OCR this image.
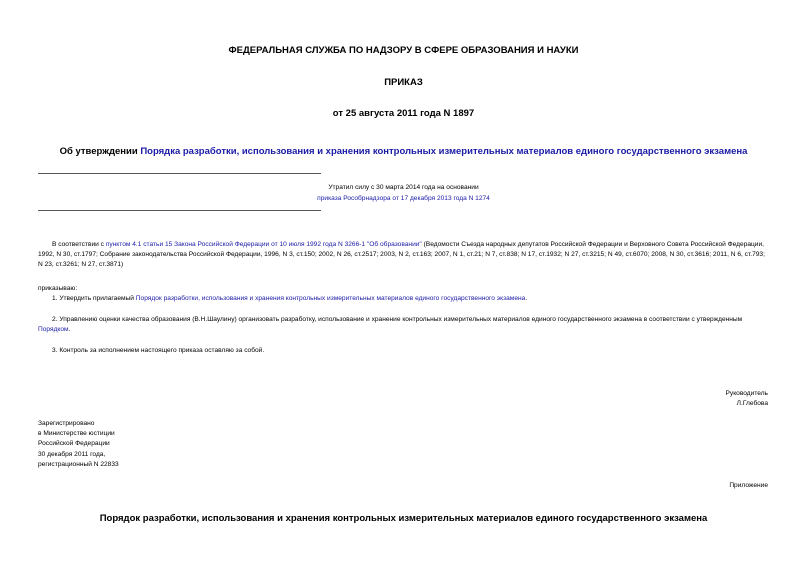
ФЕДЕРАЛЬНАЯ СЛУЖБА ПО НАДЗОРУ В СФЕРЕ ОБРАЗОВАНИЯ И НАУКИ
ПРИКАЗ
от 25 августа 2011 года N 1897
Об утверждении Порядка разработки, использования и хранения контрольных измерительных материалов единого государственного экзамена
Утратил силу с 30 марта 2014 года на основании
приказа Рособрнадзора от 17 декабря 2013 года N 1274
В соответствии с пунктом 4.1 статьи 15 Закона Российской Федерации от 10 июля 1992 года N 3266-1 "Об образовании" (Ведомости Съезда народных депутатов Российской Федерации и Верховного Совета Российской Федерации, 1992, N 30, ст.1797; Собрание законодательства Российской Федерации, 1996, N 3, ст.150; 2002, N 26, ст.2517; 2003, N 2, ст.163; 2007, N 1, ст.21; N 7, ст.838; N 17, ст.1932; N 27, ст.3215; N 49, ст.6070; 2008, N 30, ст.3616; 2011, N 6, ст.793; N 23, ст.3261; N 27, ст.3871)
приказываю:
1. Утвердить прилагаемый Порядок разработки, использования и хранения контрольных измерительных материалов единого государственного экзамена.
2. Управлению оценки качества образования (В.Н.Шаулину) организовать разработку, использование и хранение контрольных измерительных материалов единого государственного экзамена в соответствии с утвержденным Порядком.
3. Контроль за исполнением настоящего приказа оставляю за собой.
Руководитель
Л.Глебова
Зарегистрировано
в Министерстве юстиции
Российской Федерации
30 декабря 2011 года,
регистрационный N 22833
Приложение
Порядок разработки, использования и хранения контрольных измерительных материалов единого государственного экзамена
